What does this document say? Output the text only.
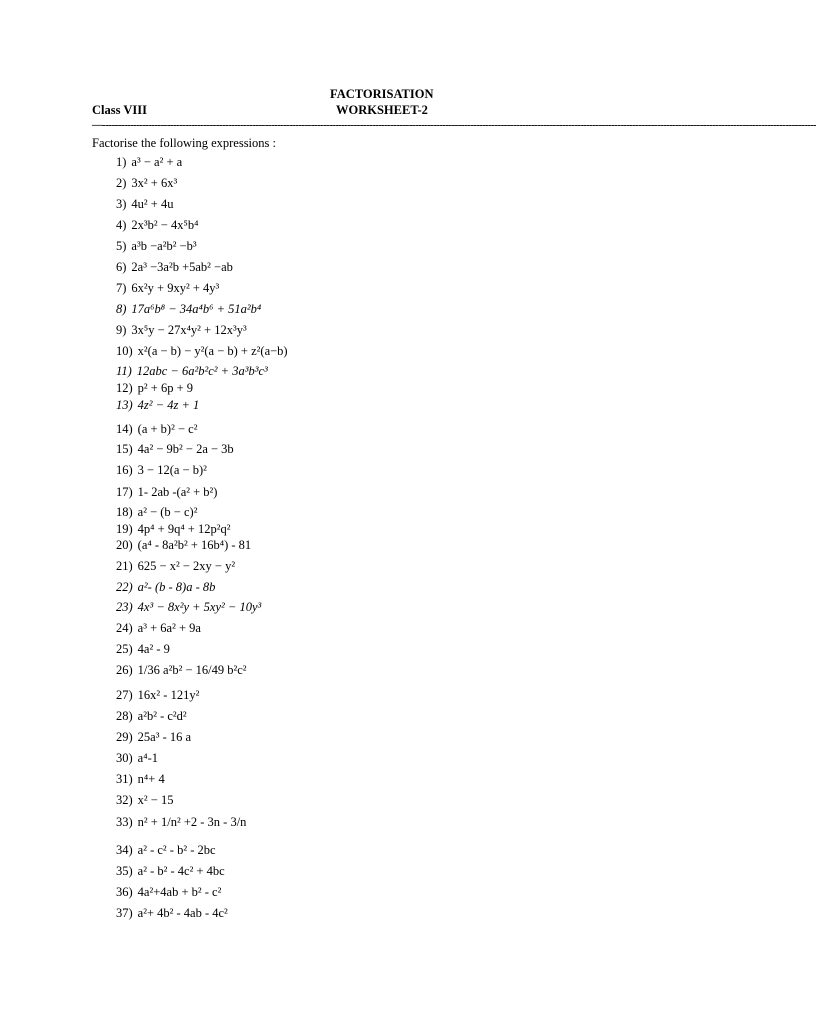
FACTORISATION
Class VIII	WORKSHEET-2
—-----------------------------------------------------------------------------------------------------------------------------------------------------------------------------------------------------------------------------------------
Factorise the following expressions :
1) a³ − a² + a
2) 3x² + 6x³
3) 4u² + 4u
4) 2x³b² − 4x⁵b⁴
5) a³b −a²b² −b³
6) 2a³ −3a²b +5ab² −ab
7) 6x²y + 9xy² + 4y³
8) 17a⁶b⁸ − 34a⁴b⁶ + 51a²b⁴
9) 3x⁵y − 27x⁴y² + 12x³y³
10) x²(a − b) − y²(a − b) + z²(a−b)
11) 12abc − 6a²b²c² + 3a³b³c³
12) p² + 6p + 9
13) 4z² − 4z + 1
14) (a + b)² − c²
15) 4a² − 9b² − 2a − 3b
16) 3 − 12(a − b)²
17) 1- 2ab -(a² + b²)
18) a² − (b − c)²
19) 4p⁴ + 9q⁴ + 12p²q²
20) (a⁴ - 8a²b² + 16b⁴) - 81
21) 625 − x² − 2xy − y²
22) a²- (b - 8)a - 8b
23) 4x³ − 8x²y + 5xy² − 10y³
24) a³ + 6a² + 9a
25) 4a² - 9
26) 1/36 a²b² − 16/49 b²c²
27) 16x² - 121y²
28) a²b² - c²d²
29) 25a³ - 16 a
30) a⁴-1
31) n⁴+ 4
32) x² − 15
33) n² + 1/n² +2 - 3n - 3/n
34) a² - c² - b² - 2bc
35) a² - b² - 4c² + 4bc
36) 4a²+4ab + b² - c²
37) a²+ 4b² - 4ab - 4c²
